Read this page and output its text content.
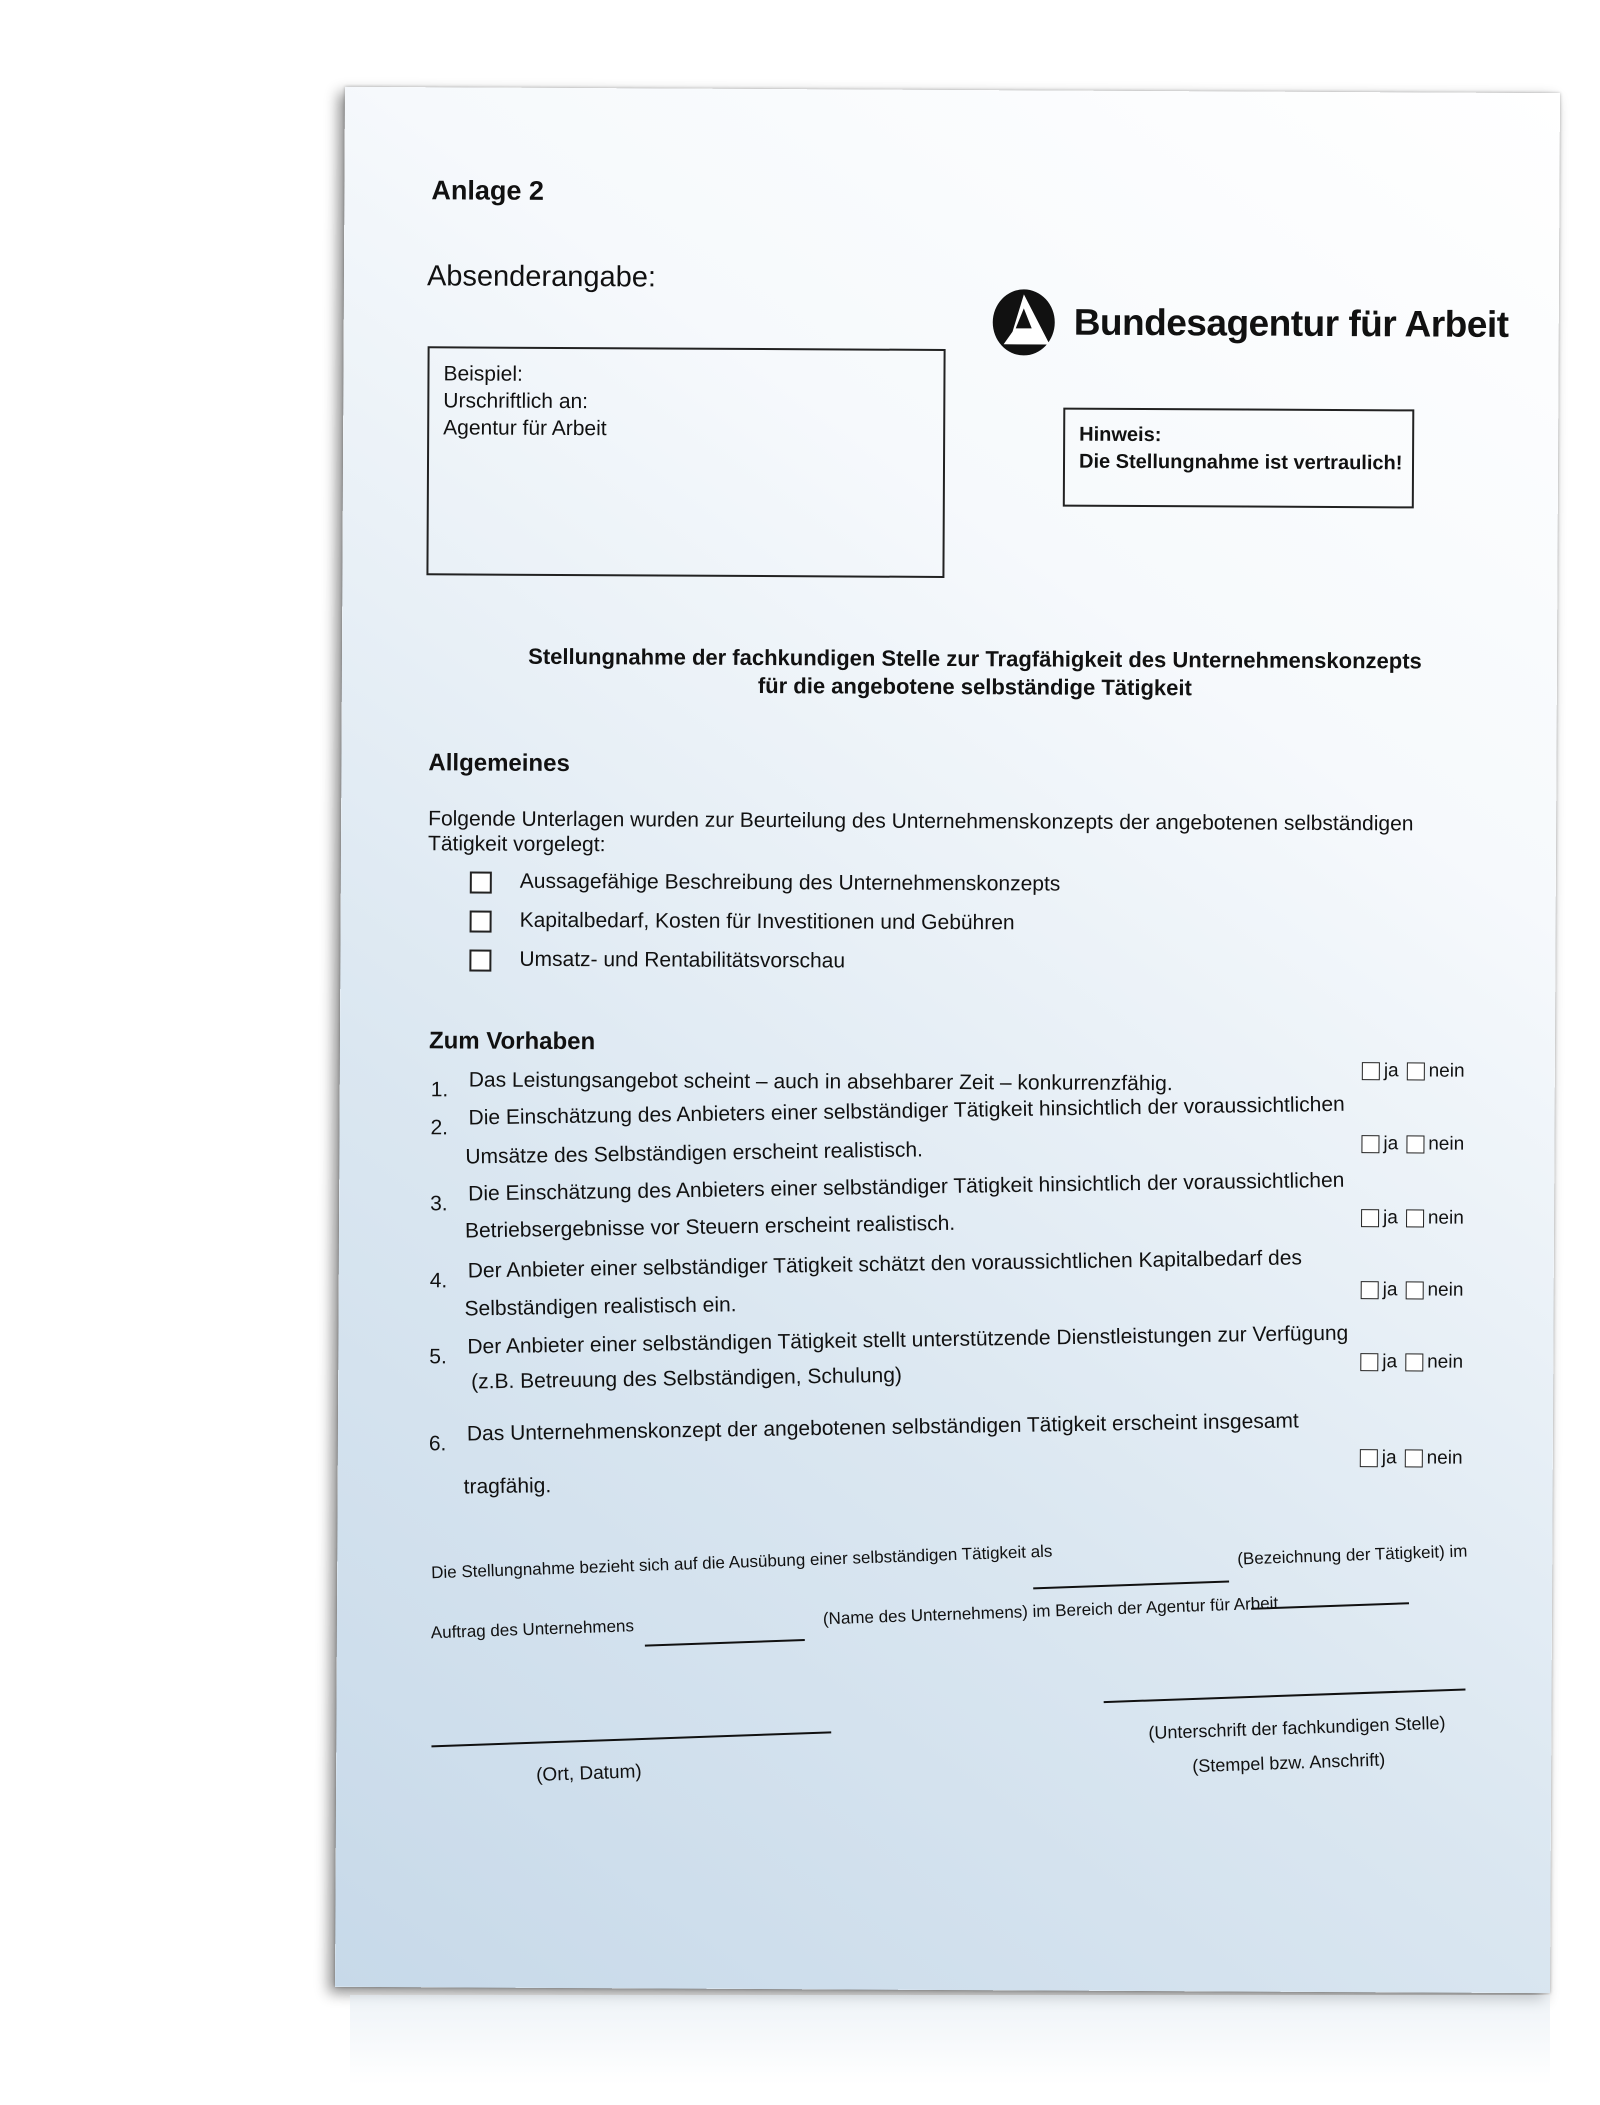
Anlage 2
Absenderangabe:
Bundesagentur für Arbeit
Beispiel:
Urschriftlich an:
Agentur für Arbeit	Hinweis:
Die Stellungnahme ist vertraulich!
Stellungnahme der fachkundigen Stelle zur Tragfähigkeit des Unternehmenskonzepts
für die angebotene selbständige Tätigkeit
Allgemeines
Folgende Unterlagen wurden zur Beurteilung des Unternehmenskonzepts der angebotenen selbständigen
Tätigkeit vorgelegt:
Aussagefähige Beschreibung des Unternehmenskonzepts
Kapitalbedarf, Kosten für Investitionen und Gebühren
Umsatz- und Rentabilitätsvorschau
Zum Vorhaben
1. Das Leistungsangebot scheint – auch in absehbarer Zeit – konkurrenzfähig.	ja nein
2. Die Einschätzung des Anbieters einer selbständiger Tätigkeit hinsichtlich der voraussichtlichen
Umsätze des Selbständigen erscheint realistisch.	ja nein
3. Die Einschätzung des Anbieters einer selbständiger Tätigkeit hinsichtlich der voraussichtlichen
Betriebsergebnisse vor Steuern erscheint realistisch.	ja nein
4. Der Anbieter einer selbständiger Tätigkeit schätzt den voraussichtlichen Kapitalbedarf des
Selbständigen realistisch ein.
ja nein
5. Der Anbieter einer selbständigen Tätigkeit stellt unterstützende Dienstleistungen zur Verfügung
(z.B. Betreuung des Selbständigen, Schulung)
ja nein
6. Das Unternehmenskonzept der angebotenen selbständigen Tätigkeit erscheint insgesamt
tragfähig.
ja nein
Die Stellungnahme bezieht sich auf die Ausübung einer selbständigen Tätigkeit als	(Bezeichnung der Tätigkeit) im
Auftrag des Unternehmens
(Name des Unternehmens) im Bereich der Agentur für Arbeit
(Ort, Datum)
(Unterschrift der fachkundigen Stelle)
(Stempel bzw. Anschrift)
